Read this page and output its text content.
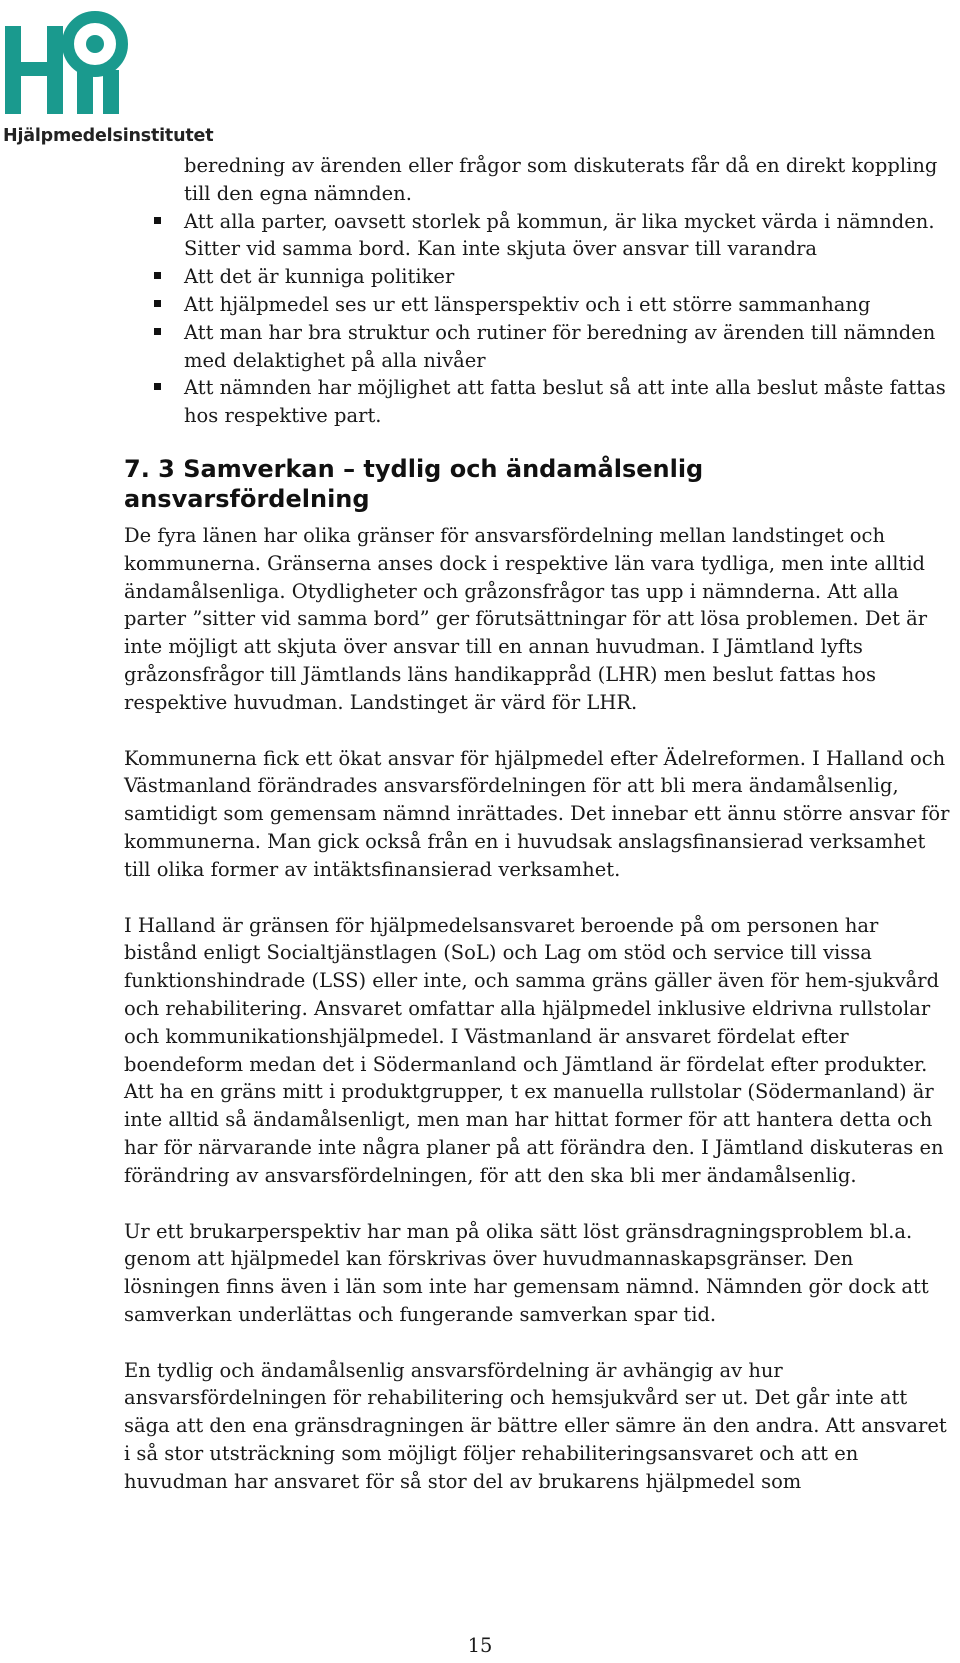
Hjälpmedelsinstitutet

beredning av ärenden eller frågor som diskuterats får då en direkt koppling till den egna nämnden.

Att alla parter, oavsett storlek på kommun, är lika mycket värda i nämnden. Sitter vid samma bord. Kan inte skjuta över ansvar till varandra
Att det är kunniga politiker
Att hjälpmedel ses ur ett länsperspektiv och i ett större sammanhang
Att man har bra struktur och rutiner för beredning av ärenden till nämnden med delaktighet på alla nivåer
Att nämnden har möjlighet att fatta beslut så att inte alla beslut måste fattas hos respektive part.
7. 3 Samverkan – tydlig och ändamålsenlig ansvarsfördelning

De fyra länen har olika gränser för ansvarsfördelning mellan landstinget och kommunerna. Gränserna anses dock i respektive län vara tydliga, men inte alltid ändamålsenliga. Otydligheter och gråzonsfrågor tas upp i nämnderna. Att alla parter ”sitter vid samma bord” ger förutsättningar för att lösa problemen. Det är inte möjligt att skjuta över ansvar till en annan huvudman. I Jämtland lyfts gråzonsfrågor till Jämtlands läns handikappråd (LHR) men beslut fattas hos respektive huvudman. Landstinget är värd för LHR.

Kommunerna fick ett ökat ansvar för hjälpmedel efter Ädelreformen. I Halland och Västmanland förändrades ansvarsfördelningen för att bli mera ändamålsenlig, samtidigt som gemensam nämnd inrättades. Det innebar ett ännu större ansvar för kommunerna. Man gick också från en i huvudsak anslagsfinansierad verksamhet till olika former av intäktsfinansierad verksamhet.

I Halland är gränsen för hjälpmedelsansvaret beroende på om personen har bistånd enligt Socialtjänstlagen (SoL) och Lag om stöd och service till vissa funktionshindrade (LSS) eller inte, och samma gräns gäller även för hem-sjukvård och rehabilitering. Ansvaret omfattar alla hjälpmedel inklusive eldrivna rullstolar och kommunikationshjälpmedel. I Västmanland är ansvaret fördelat efter boendeform medan det i Södermanland och Jämtland är fördelat efter produkter. Att ha en gräns mitt i produktgrupper, t ex manuella rullstolar (Södermanland) är inte alltid så ändamålsenligt, men man har hittat former för att hantera detta och har för närvarande inte några planer på att förändra den. I Jämtland diskuteras en förändring av ansvarsfördelningen, för att den ska bli mer ändamålsenlig.

Ur ett brukarperspektiv har man på olika sätt löst gränsdragningsproblem bl.a. genom att hjälpmedel kan förskrivas över huvudmannaskapsgränser. Den lösningen finns även i län som inte har gemensam nämnd. Nämnden gör dock att samverkan underlättas och fungerande samverkan spar tid.

En tydlig och ändamålsenlig ansvarsfördelning är avhängig av hur ansvarsfördelningen för rehabilitering och hemsjukvård ser ut. Det går inte att säga att den ena gränsdragningen är bättre eller sämre än den andra. Att ansvaret i så stor utsträckning som möjligt följer rehabiliteringsansvaret och att en huvudman har ansvaret för så stor del av brukarens hjälpmedel som

15
